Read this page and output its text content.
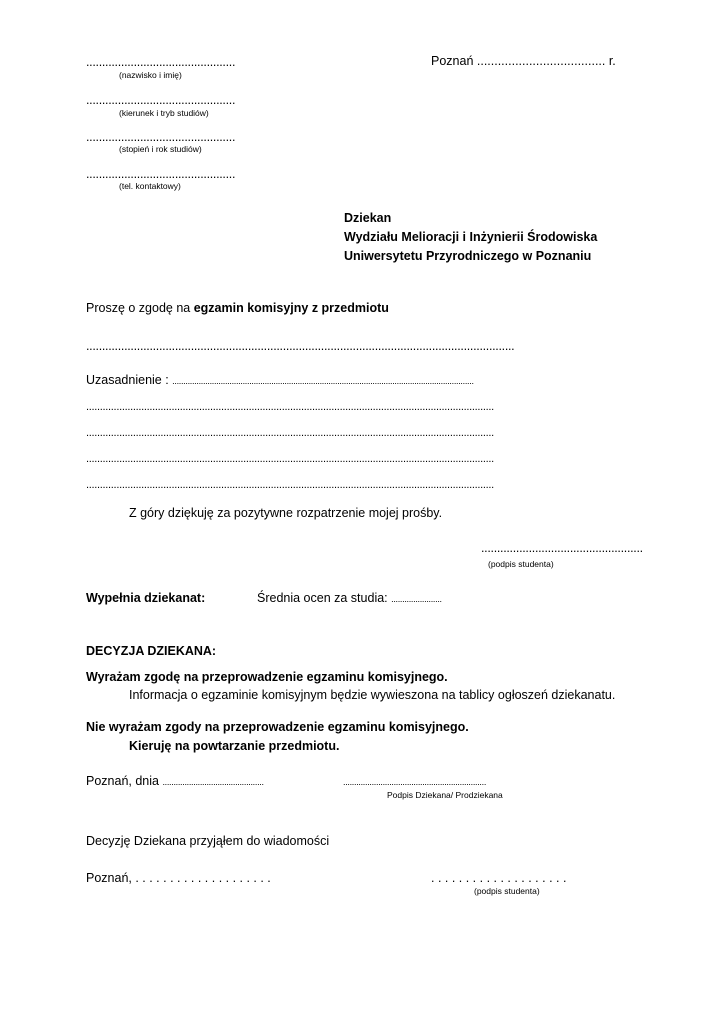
...............................................
(nazwisko i imię)
...............................................
(kierunek i tryb studiów)
...............................................
(stopień i rok studiów)
...............................................
(tel. kontaktowy)
Poznań ..................................... r.
Dziekan
Wydziału Melioracji i Inżynierii Środowiska
Uniwersytetu Przyrodniczego w Poznaniu
Proszę o zgodę na egzamin komisyjny z przedmiotu
.......................................................................................................................................
Uzasadnienie : .........................................................................................................................................
....................................................................................................................................................
....................................................................................................................................................
....................................................................................................................................................
....................................................................................................................................................
Z góry dziękuję za pozytywne rozpatrzenie mojej prośby.
...................................................
(podpis studenta)
Wypełnia dziekanat:	Średnia ocen za studia: .......................
DECYZJA DZIEKANA:
Wyrażam zgodę na przeprowadzenie egzaminu komisyjnego.
Informacja o egzaminie komisyjnym będzie wywieszona na tablicy ogłoszeń dziekanatu.
Nie wyrażam zgody na przeprowadzenie egzaminu komisyjnego.
Kieruję na powtarzanie przedmiotu.
Poznań, dnia ..............................................	.................................................................
Podpis Dziekana/ Prodziekana
Decyzję Dziekana przyjąłem do wiadomości
Poznań, . . . . . . . . . . . . . . . . . . . .	. . . . . . . . . . . . . . . . . . . .
(podpis studenta)
